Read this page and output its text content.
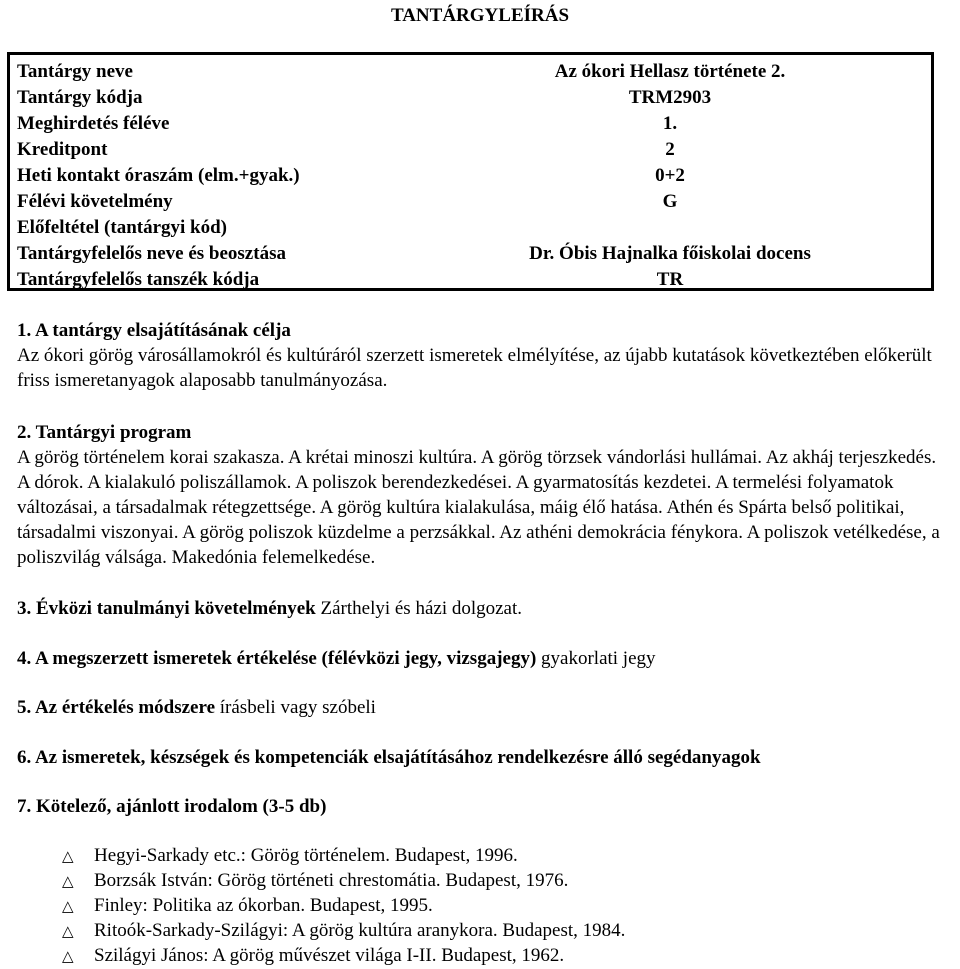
TANTÁRGYLEÍRÁS
Tantárgy neve	Az ókori Hellasz története 2.
Tantárgy kódja	TRM2903
Meghirdetés féléve	1.
Kreditpont	2
Heti kontakt óraszám (elm.+gyak.)	0+2
Félévi követelmény	G
Előfeltétel (tantárgyi kód)
Tantárgyfelelős neve és beosztása	Dr. Óbis Hajnalka főiskolai docens
Tantárgyfelelős tanszék kódja	TR
1. A tantárgy elsajátításának célja
Az ókori görög városállamokról és kultúráról szerzett ismeretek elmélyítése, az újabb kutatások következtében előkerült friss ismeretanyagok alaposabb tanulmányozása.
2. Tantárgyi program
A görög történelem korai szakasza. A krétai minoszi kultúra. A görög törzsek vándorlási hullámai. Az akháj terjeszkedés. A dórok. A kialakuló poliszállamok. A poliszok berendezkedései. A gyarmatosítás kezdetei. A termelési folyamatok változásai, a társadalmak rétegzettsége. A görög kultúra kialakulása, máig élő hatása. Athén és Spárta belső politikai, társadalmi viszonyai. A görög poliszok küzdelme a perzsákkal. Az athéni demokrácia fénykora. A poliszok vetélkedése, a poliszvilág válsága. Makedónia felemelkedése.
3. Évközi tanulmányi követelmények Zárthelyi és házi dolgozat.
4. A megszerzett ismeretek értékelése (félévközi jegy, vizsgajegy) gyakorlati jegy
5. Az értékelés módszere írásbeli vagy szóbeli
6. Az ismeretek, készségek és kompetenciák elsajátításához rendelkezésre álló segédanyagok
7. Kötelező, ajánlott irodalom (3-5 db)
△ Hegyi-Sarkady etc.: Görög történelem. Budapest, 1996.
△ Borzsák István: Görög történeti chrestomátia. Budapest, 1976.
△ Finley: Politika az ókorban. Budapest, 1995.
△ Ritoók-Sarkady-Szilágyi: A görög kultúra aranykora. Budapest, 1984.
△ Szilágyi János: A görög művészet világa I-II. Budapest, 1962.
